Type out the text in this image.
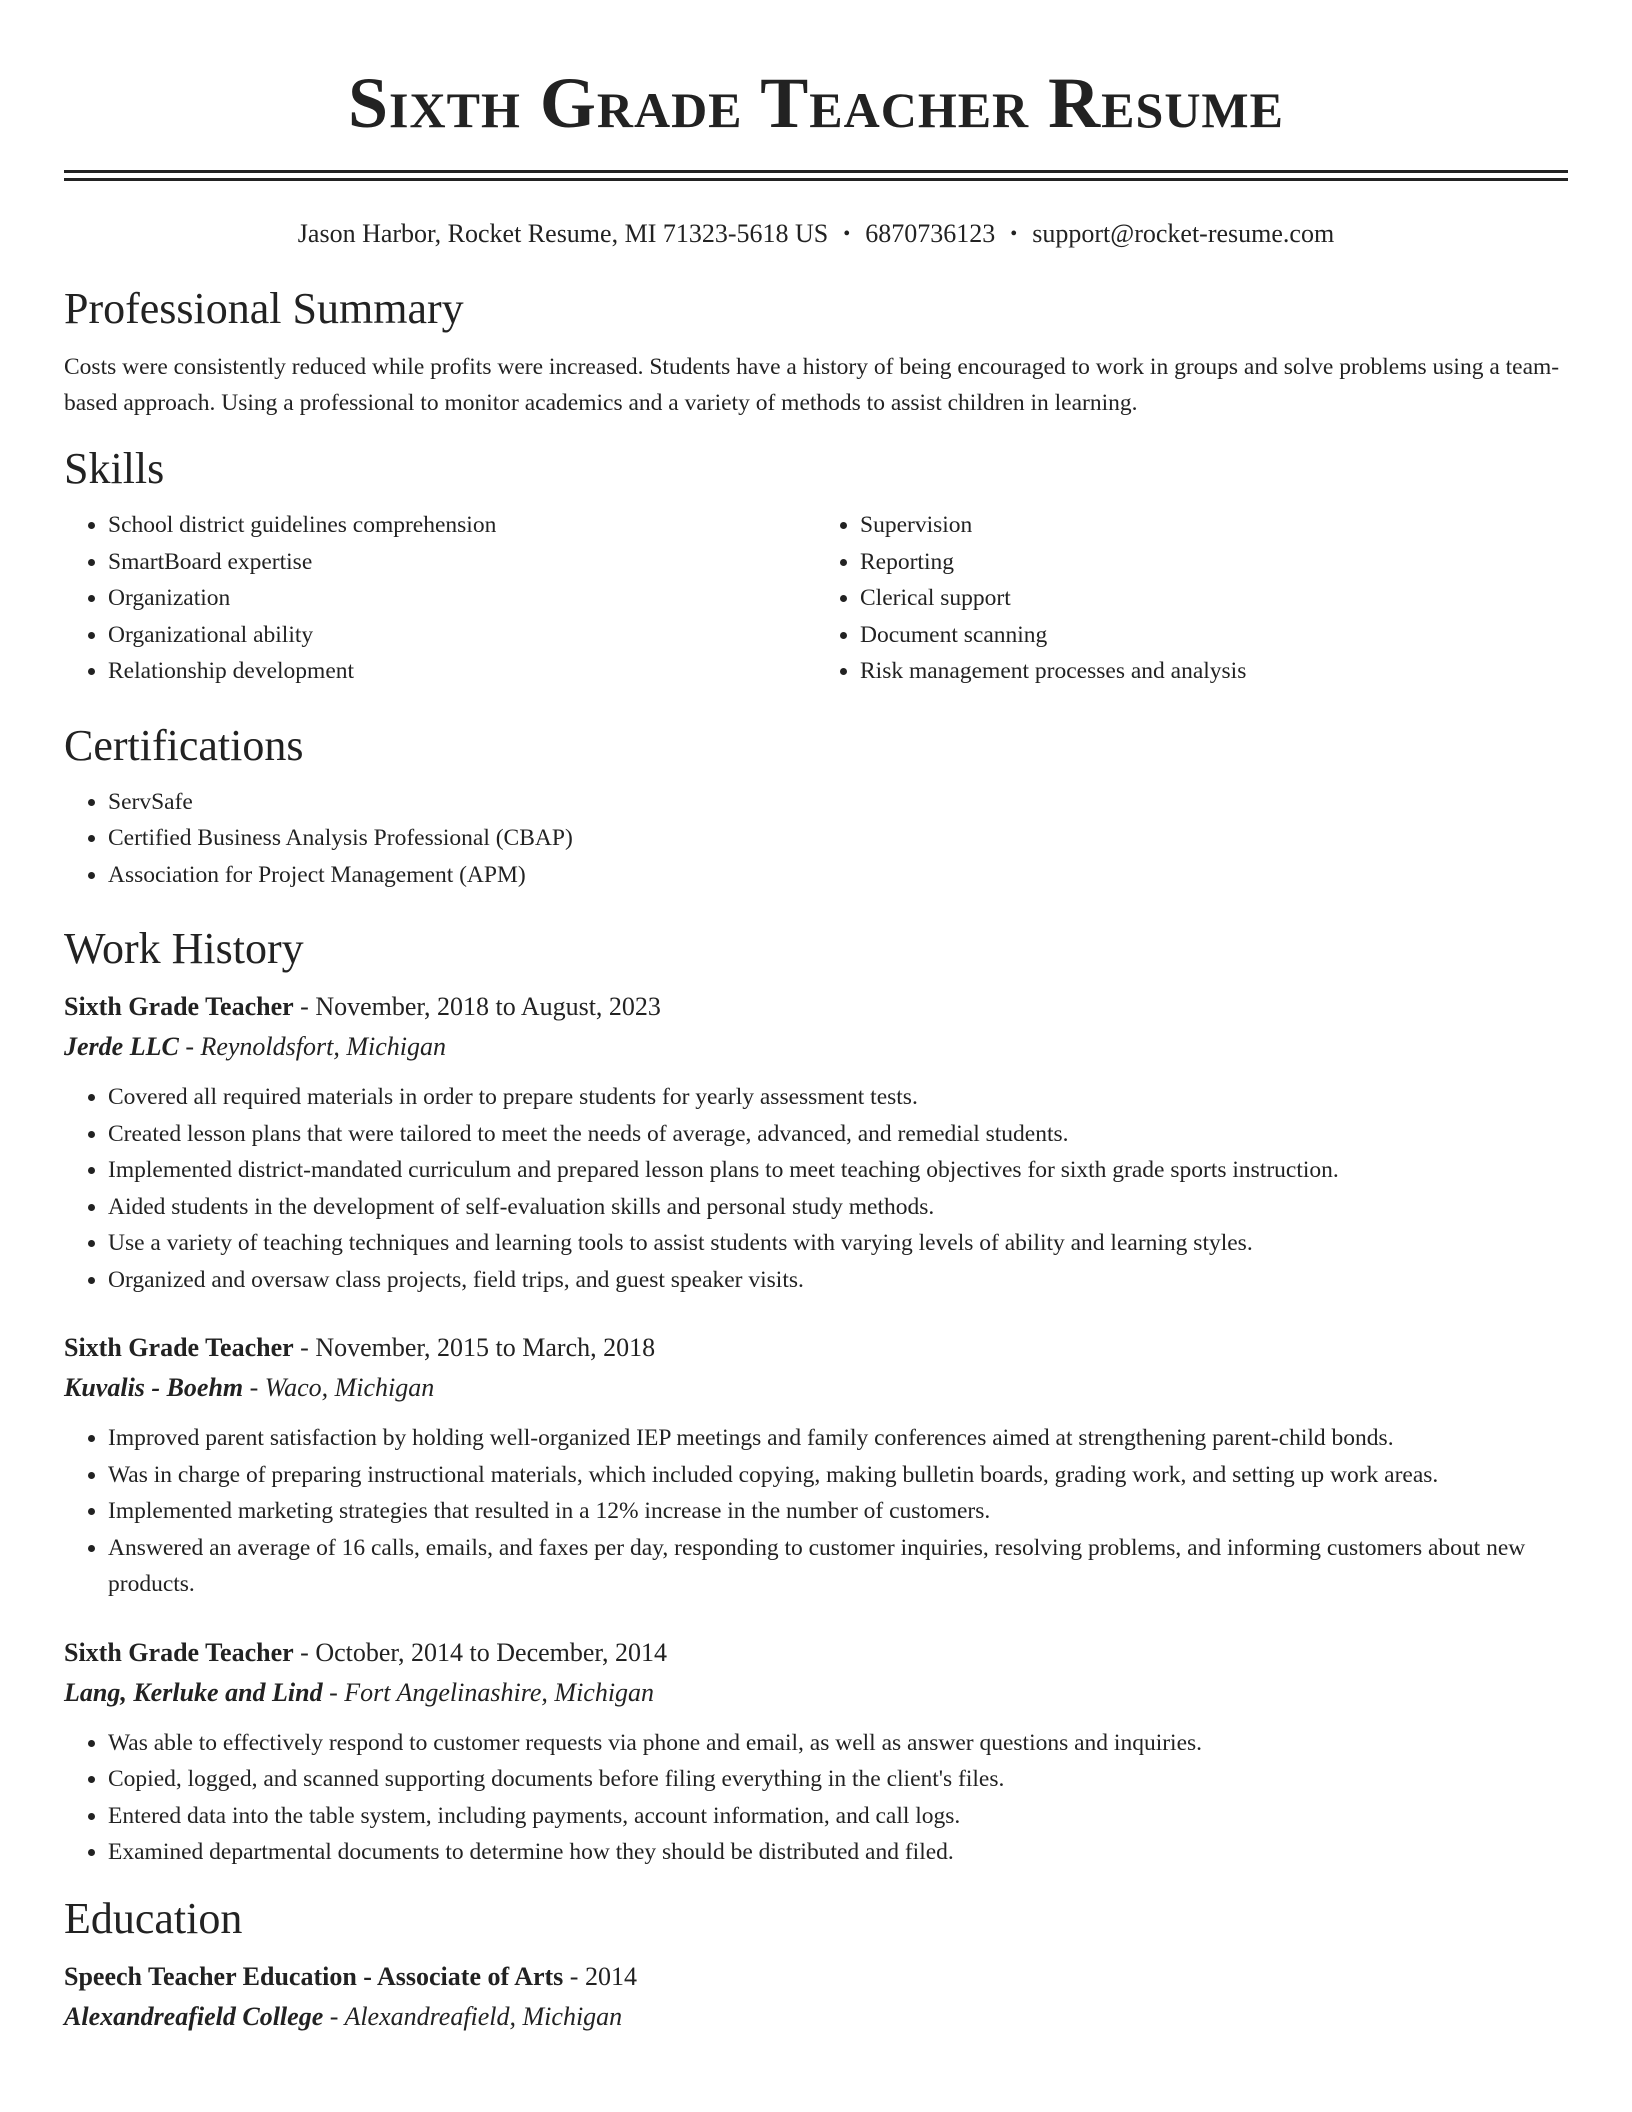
Sixth Grade Teacher Resume
Jason Harbor, Rocket Resume, MI 71323-5618 US • 6870736123 • support@rocket-resume.com
Professional Summary

Costs were consistently reduced while profits were increased. Students have a history of being encouraged to work in groups and solve problems using a team-based approach. Using a professional to monitor academics and a variety of methods to assist children in learning.

Skills
• School district guidelines comprehension
• SmartBoard expertise
• Organization
• Organizational ability
• Relationship development
• Supervision
• Reporting
• Clerical support
• Document scanning
• Risk management processes and analysis
Certifications
• ServSafe
• Certified Business Analysis Professional (CBAP)
• Association for Project Management (APM)
Work History
Sixth Grade Teacher - November, 2018 to August, 2023
Jerde LLC - Reynoldsfort, Michigan
• Covered all required materials in order to prepare students for yearly assessment tests.
• Created lesson plans that were tailored to meet the needs of average, advanced, and remedial students.
• Implemented district-mandated curriculum and prepared lesson plans to meet teaching objectives for sixth grade sports instruction.
• Aided students in the development of self-evaluation skills and personal study methods.
• Use a variety of teaching techniques and learning tools to assist students with varying levels of ability and learning styles.
• Organized and oversaw class projects, field trips, and guest speaker visits.
Sixth Grade Teacher - November, 2015 to March, 2018
Kuvalis - Boehm - Waco, Michigan
• Improved parent satisfaction by holding well-organized IEP meetings and family conferences aimed at strengthening parent-child bonds.
• Was in charge of preparing instructional materials, which included copying, making bulletin boards, grading work, and setting up work areas.
• Implemented marketing strategies that resulted in a 12% increase in the number of customers.
• Answered an average of 16 calls, emails, and faxes per day, responding to customer inquiries, resolving problems, and informing customers about new products.
Sixth Grade Teacher - October, 2014 to December, 2014
Lang, Kerluke and Lind - Fort Angelinashire, Michigan
• Was able to effectively respond to customer requests via phone and email, as well as answer questions and inquiries.
• Copied, logged, and scanned supporting documents before filing everything in the client's files.
• Entered data into the table system, including payments, account information, and call logs.
• Examined departmental documents to determine how they should be distributed and filed.
Education
Speech Teacher Education - Associate of Arts - 2014
Alexandreafield College - Alexandreafield, Michigan
